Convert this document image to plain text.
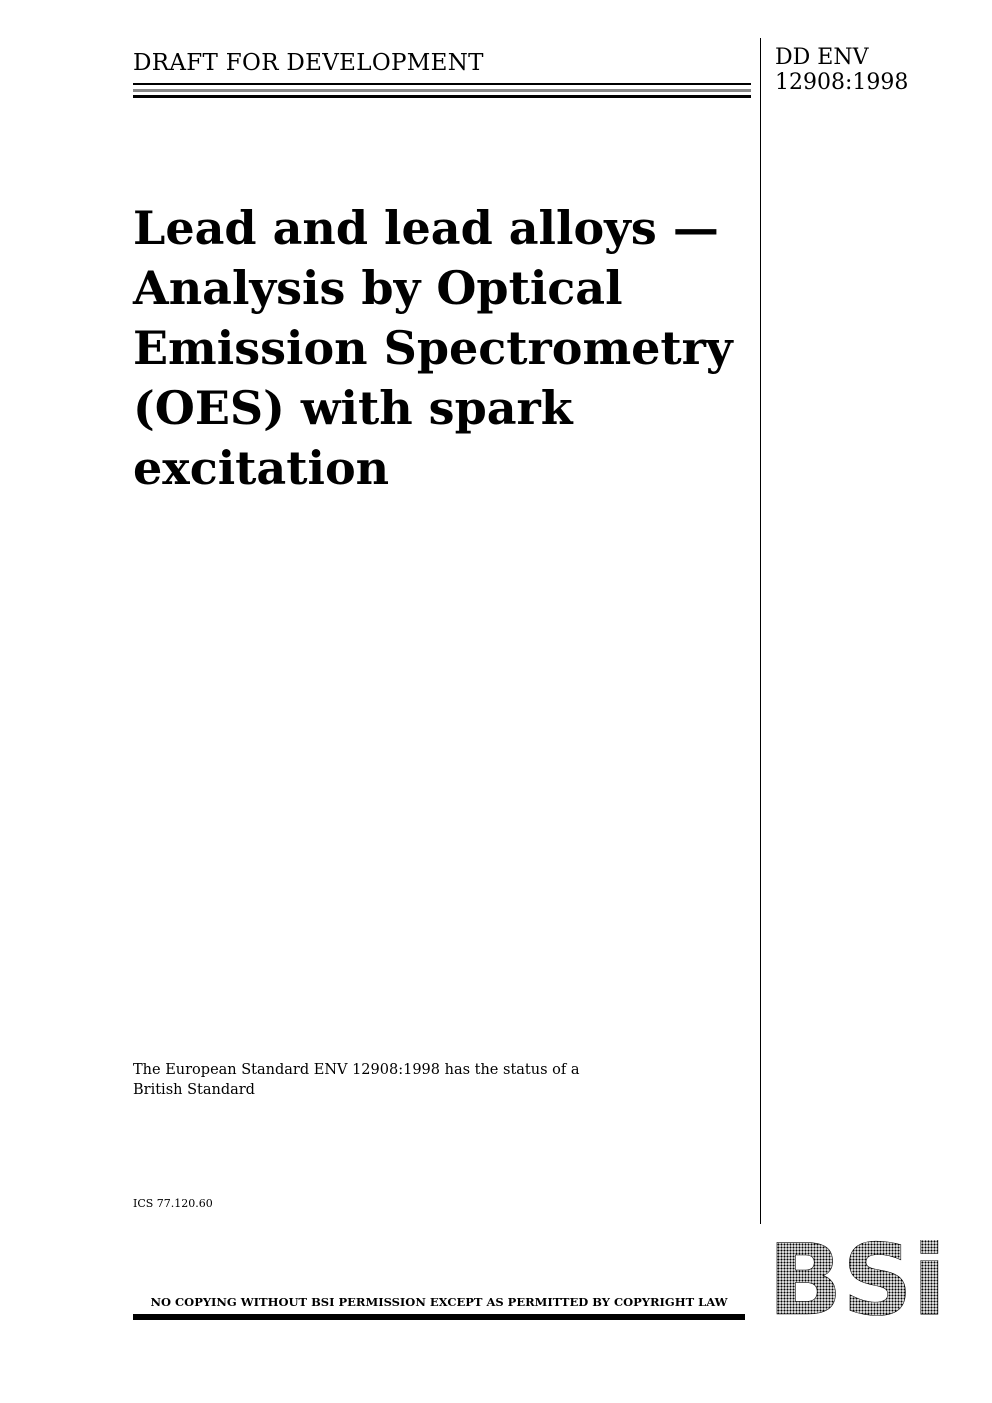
DRAFT FOR DEVELOPMENT	DD ENV
12908:1998
Lead and lead alloys —
Analysis by Optical
Emission Spectrometry
(OES) with spark
excitation

The European Standard ENV 12908:1998 has the status of a
British Standard

ICS 77.120.60
NO COPYING WITHOUT BSI PERMISSION EXCEPT AS PERMITTED BY COPYRIGHT LAW BSi
